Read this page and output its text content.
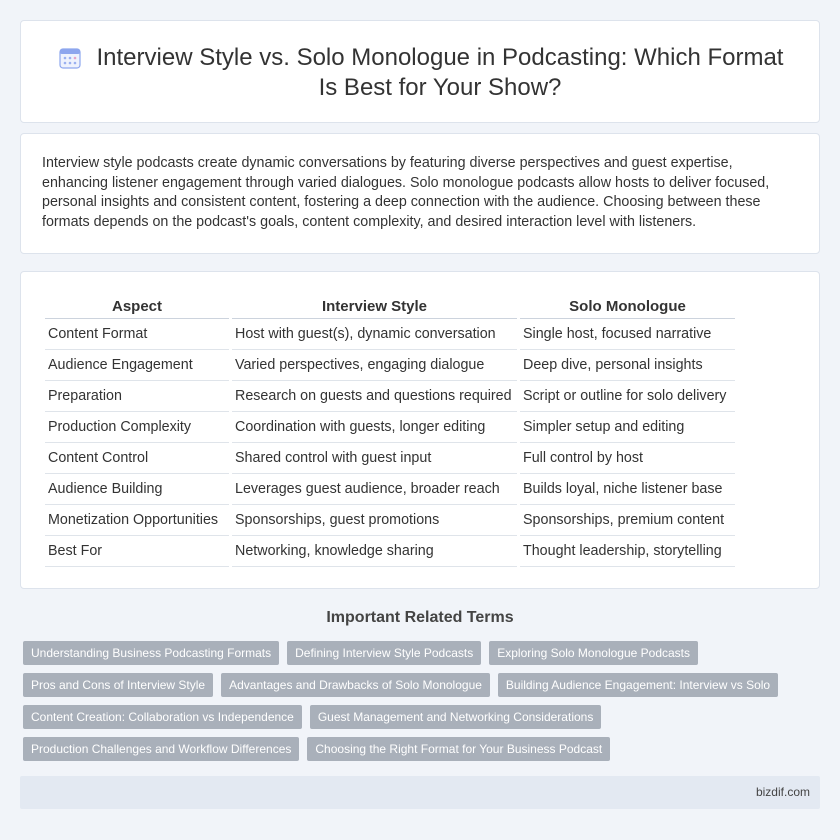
Interview Style vs. Solo Monologue in Podcasting: Which Format Is Best for Your Show?

Interview style podcasts create dynamic conversations by featuring diverse perspectives and guest expertise, enhancing listener engagement through varied dialogues. Solo monologue podcasts allow hosts to deliver focused, personal insights and consistent content, fostering a deep connection with the audience. Choosing between these formats depends on the podcast's goals, content complexity, and desired interaction level with listeners.

Aspect	Interview Style	Solo Monologue
Content Format	Host with guest(s), dynamic conversation	Single host, focused narrative
Audience Engagement	Varied perspectives, engaging dialogue	Deep dive, personal insights
Preparation	Research on guests and questions required	Script or outline for solo delivery
Production Complexity	Coordination with guests, longer editing	Simpler setup and editing
Content Control	Shared control with guest input	Full control by host
Audience Building	Leverages guest audience, broader reach	Builds loyal, niche listener base
Monetization Opportunities	Sponsorships, guest promotions	Sponsorships, premium content
Best For	Networking, knowledge sharing	Thought leadership, storytelling
Important Related Terms
Understanding Business Podcasting Formats	Defining Interview Style Podcasts	Exploring Solo Monologue Podcasts
Pros and Cons of Interview Style	Advantages and Drawbacks of Solo Monologue	Building Audience Engagement: Interview vs Solo
Content Creation: Collaboration vs Independence	Guest Management and Networking Considerations
Production Challenges and Workflow Differences	Choosing the Right Format for Your Business Podcast
bizdif.com
